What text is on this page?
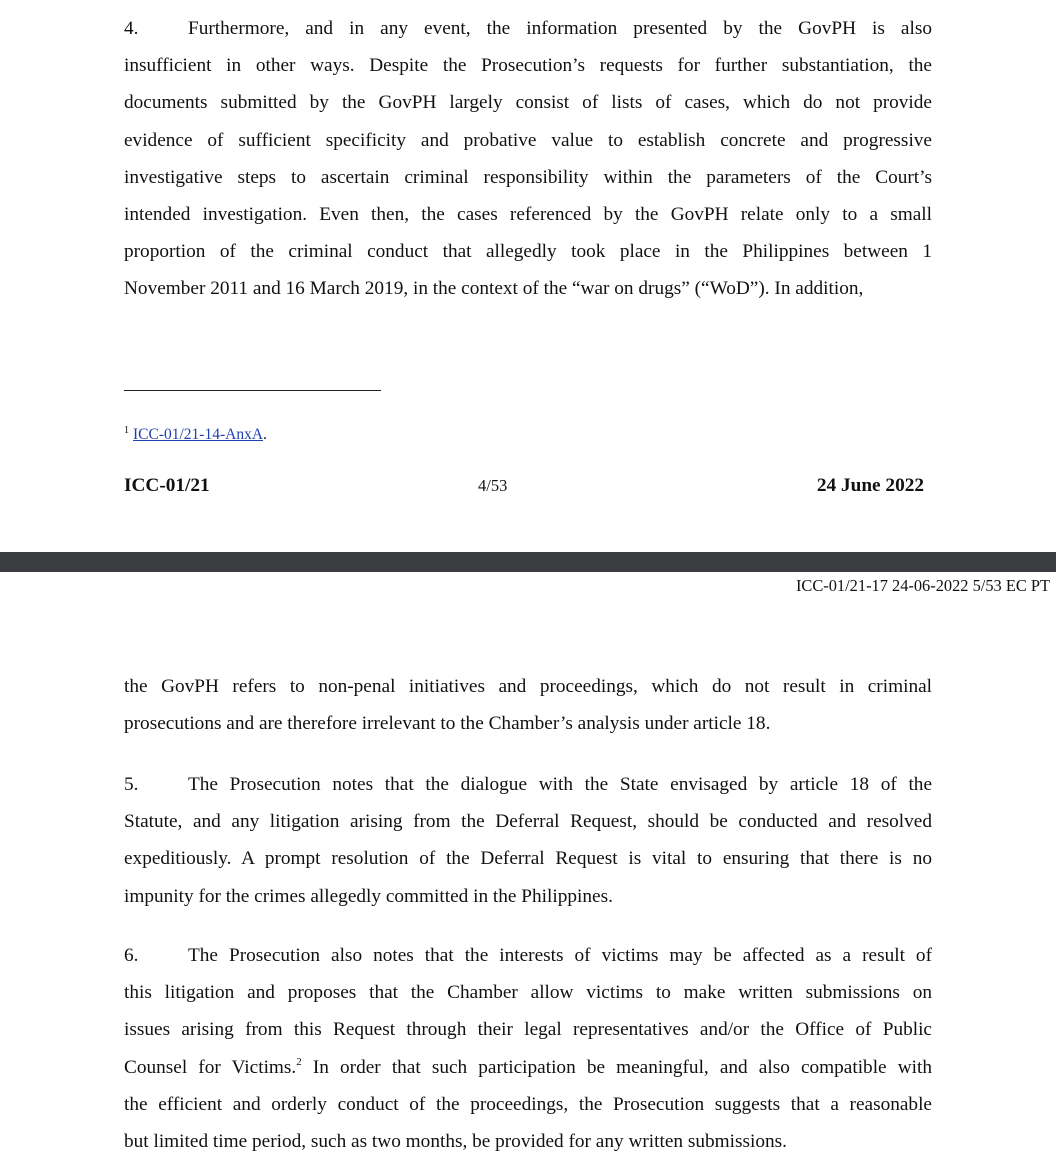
4.	Furthermore, and in any event, the information presented by the GovPH is also
insufficient in other ways. Despite the Prosecution’s requests for further substantiation, the
documents submitted by the GovPH largely consist of lists of cases, which do not provide
evidence of sufficient specificity and probative value to establish concrete and progressive
investigative steps to ascertain criminal responsibility within the parameters of the Court’s
intended investigation. Even then, the cases referenced by the GovPH relate only to a small
proportion of the criminal conduct that allegedly took place in the Philippines between 1
November 2011 and 16 March 2019, in the context of the “war on drugs” (“WoD”). In addition,
$^1$ ICC-01/21-14-AnxA.
ICC-01/21	4/53	24 June 2022
ICC-01/21-17 24-06-2022 5/53 EC PT
the GovPH refers to non-penal initiatives and proceedings, which do not result in criminal
prosecutions and are therefore irrelevant to the Chamber’s analysis under article 18.
5.	The Prosecution notes that the dialogue with the State envisaged by article 18 of the
Statute, and any litigation arising from the Deferral Request, should be conducted and resolved
expeditiously. A prompt resolution of the Deferral Request is vital to ensuring that there is no
impunity for the crimes allegedly committed in the Philippines.
6.	The Prosecution also notes that the interests of victims may be affected as a result of
this litigation and proposes that the Chamber allow victims to make written submissions on
issues arising from this Request through their legal representatives and/or the Office of Public
Counsel for Victims.$^2$ In order that such participation be meaningful, and also compatible with
the efficient and orderly conduct of the proceedings, the Prosecution suggests that a reasonable
but limited time period, such as two months, be provided for any written submissions.
